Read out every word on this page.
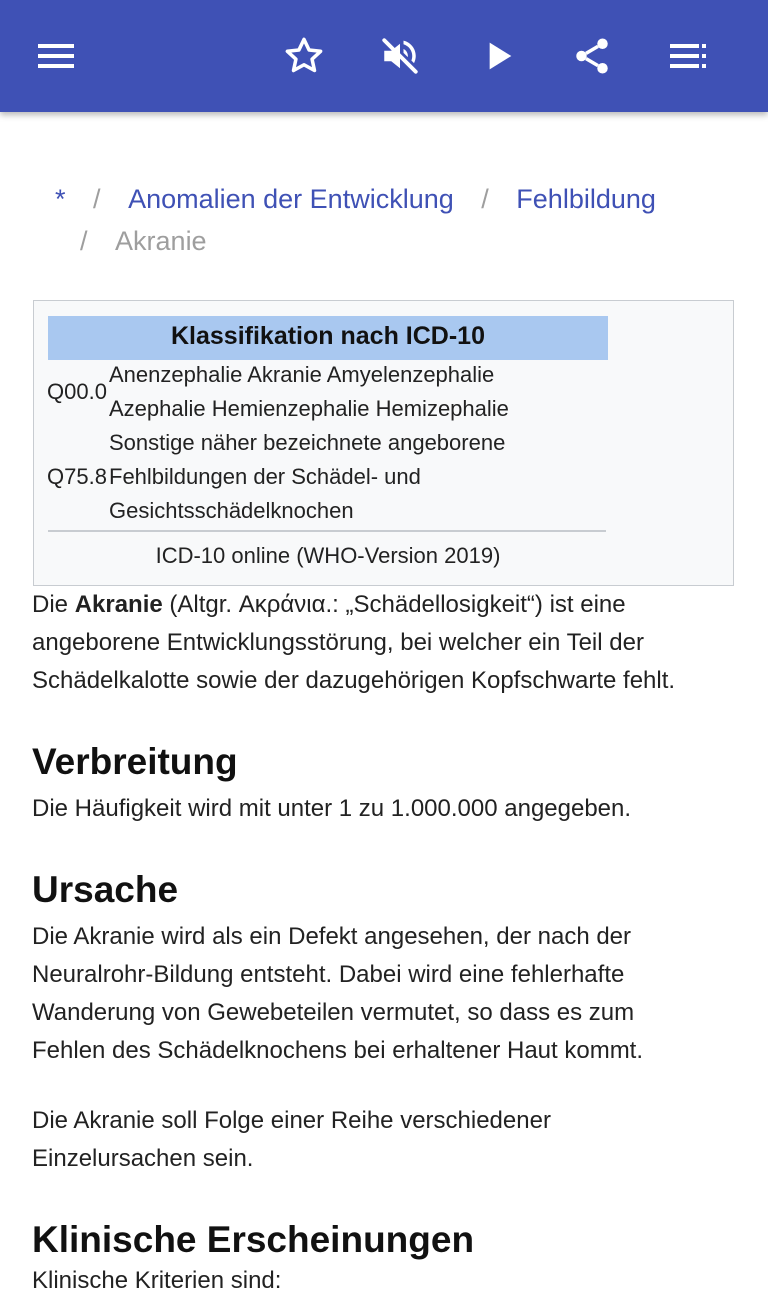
* / Anomalien der Entwicklung / Fehlbildung
/ Akranie
Klassifikation nach ICD-10
Q00.0
Anenzephalie Akranie Amyelenzephalie
Azephalie Hemienzephalie Hemizephalie
Q75.8
Sonstige näher bezeichnete angeborene
Fehlbildungen der Schädel- und
Gesichtsschädelknochen
ICD-10 online (WHO-Version 2019)
Die Akranie (Altgr. Ακράνια.: „Schädellosigkeit“) ist eine angeborene Entwicklungsstörung, bei welcher ein Teil der Schädelkalotte sowie der dazugehörigen Kopfschwarte fehlt.
Verbreitung
Die Häufigkeit wird mit unter 1 zu 1.000.000 angegeben.
Ursache
Die Akranie wird als ein Defekt angesehen, der nach der Neuralrohr-Bildung entsteht. Dabei wird eine fehlerhafte Wanderung von Gewebeteilen vermutet, so dass es zum Fehlen des Schädelknochens bei erhaltener Haut kommt.
Die Akranie soll Folge einer Reihe verschiedener Einzelursachen sein.
Klinische Erscheinungen
Klinische Kriterien sind:
